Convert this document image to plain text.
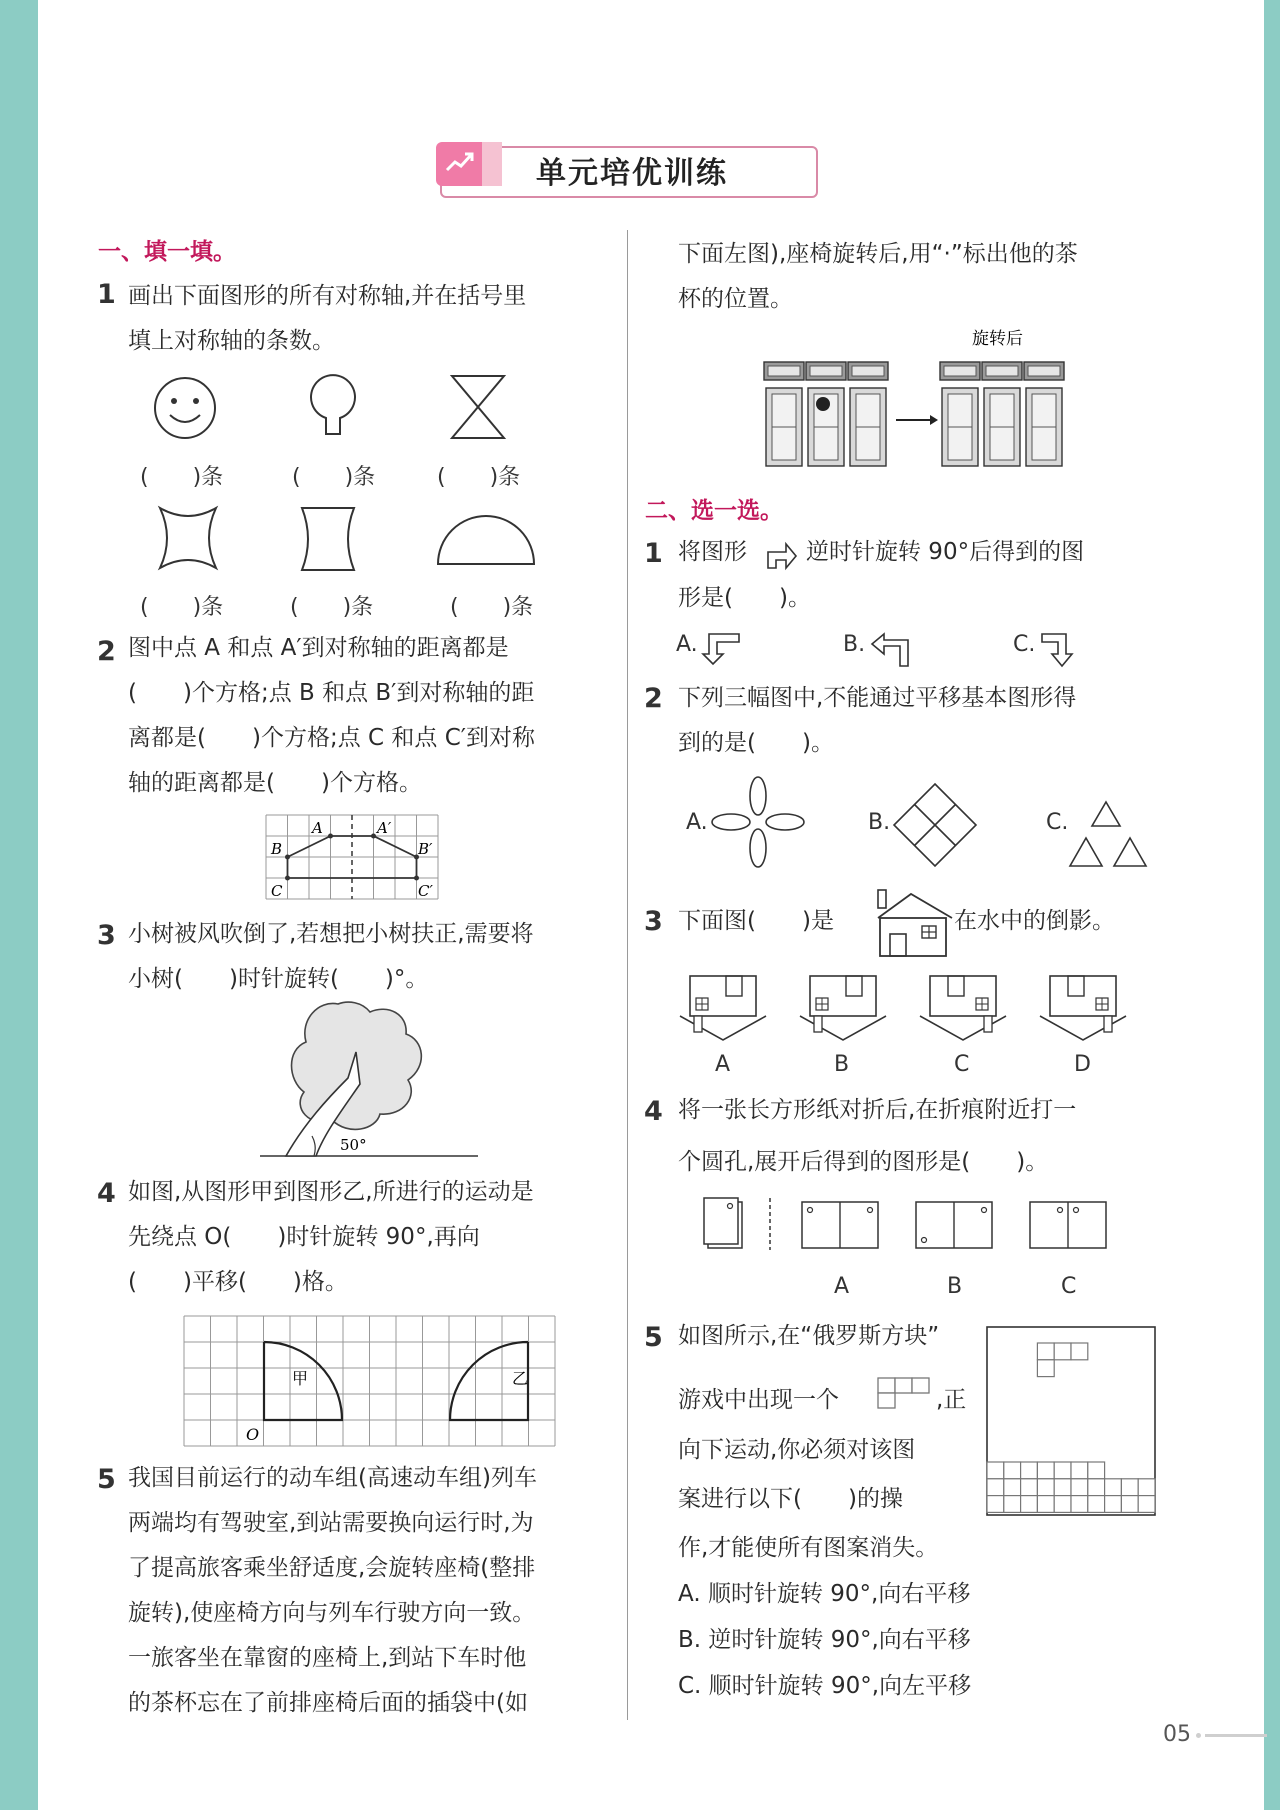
单元培优训练
一、填一填。
1 画出下面图形的所有对称轴,并在括号里
填上对称轴的条数。
(　　)条	(　　)条	(　　)条
(　　)条	(　　)条	(　　)条
2 图中点 A 和点 A′到对称轴的距离都是
(　　)个方格;点 B 和点 B′到对称轴的距
离都是(　　)个方格;点 C 和点 C′到对称
轴的距离都是(　　)个方格。
A	A′
B	B′
C	C′
3 小树被风吹倒了,若想把小树扶正,需要将
小树(　　)时针旋转(　　)°。
50°
4 如图,从图形甲到图形乙,所进行的运动是
先绕点 O(　　)时针旋转 90°,再向
(　　)平移(　　)格。
甲	乙
O
5 我国目前运行的动车组(高速动车组)列车
两端均有驾驶室,到站需要换向运行时,为
了提高旅客乘坐舒适度,会旋转座椅(整排
旋转),使座椅方向与列车行驶方向一致。
一旅客坐在靠窗的座椅上,到站下车时他
的茶杯忘在了前排座椅后面的插袋中(如
下面左图),座椅旋转后,用“·”标出他的茶
杯的位置。
旋转后
二、选一选。
1 将图形	逆时针旋转 90°后得到的图
形是(　　)。
A.	B.	C.
2 下列三幅图中,不能通过平移基本图形得
到的是(　　)。
A.	B.	C.
3 下面图(　　)是	在水中的倒影。
A	B	C	D
4 将一张长方形纸对折后,在折痕附近打一
个圆孔,展开后得到的图形是(　　)。
A	B	C
5 如图所示,在“俄罗斯方块”
游戏中出现一个	,正
向下运动,你必须对该图
案进行以下(　　)的操
作,才能使所有图案消失。
A. 顺时针旋转 90°,向右平移
B. 逆时针旋转 90°,向右平移
C. 顺时针旋转 90°,向左平移
05
